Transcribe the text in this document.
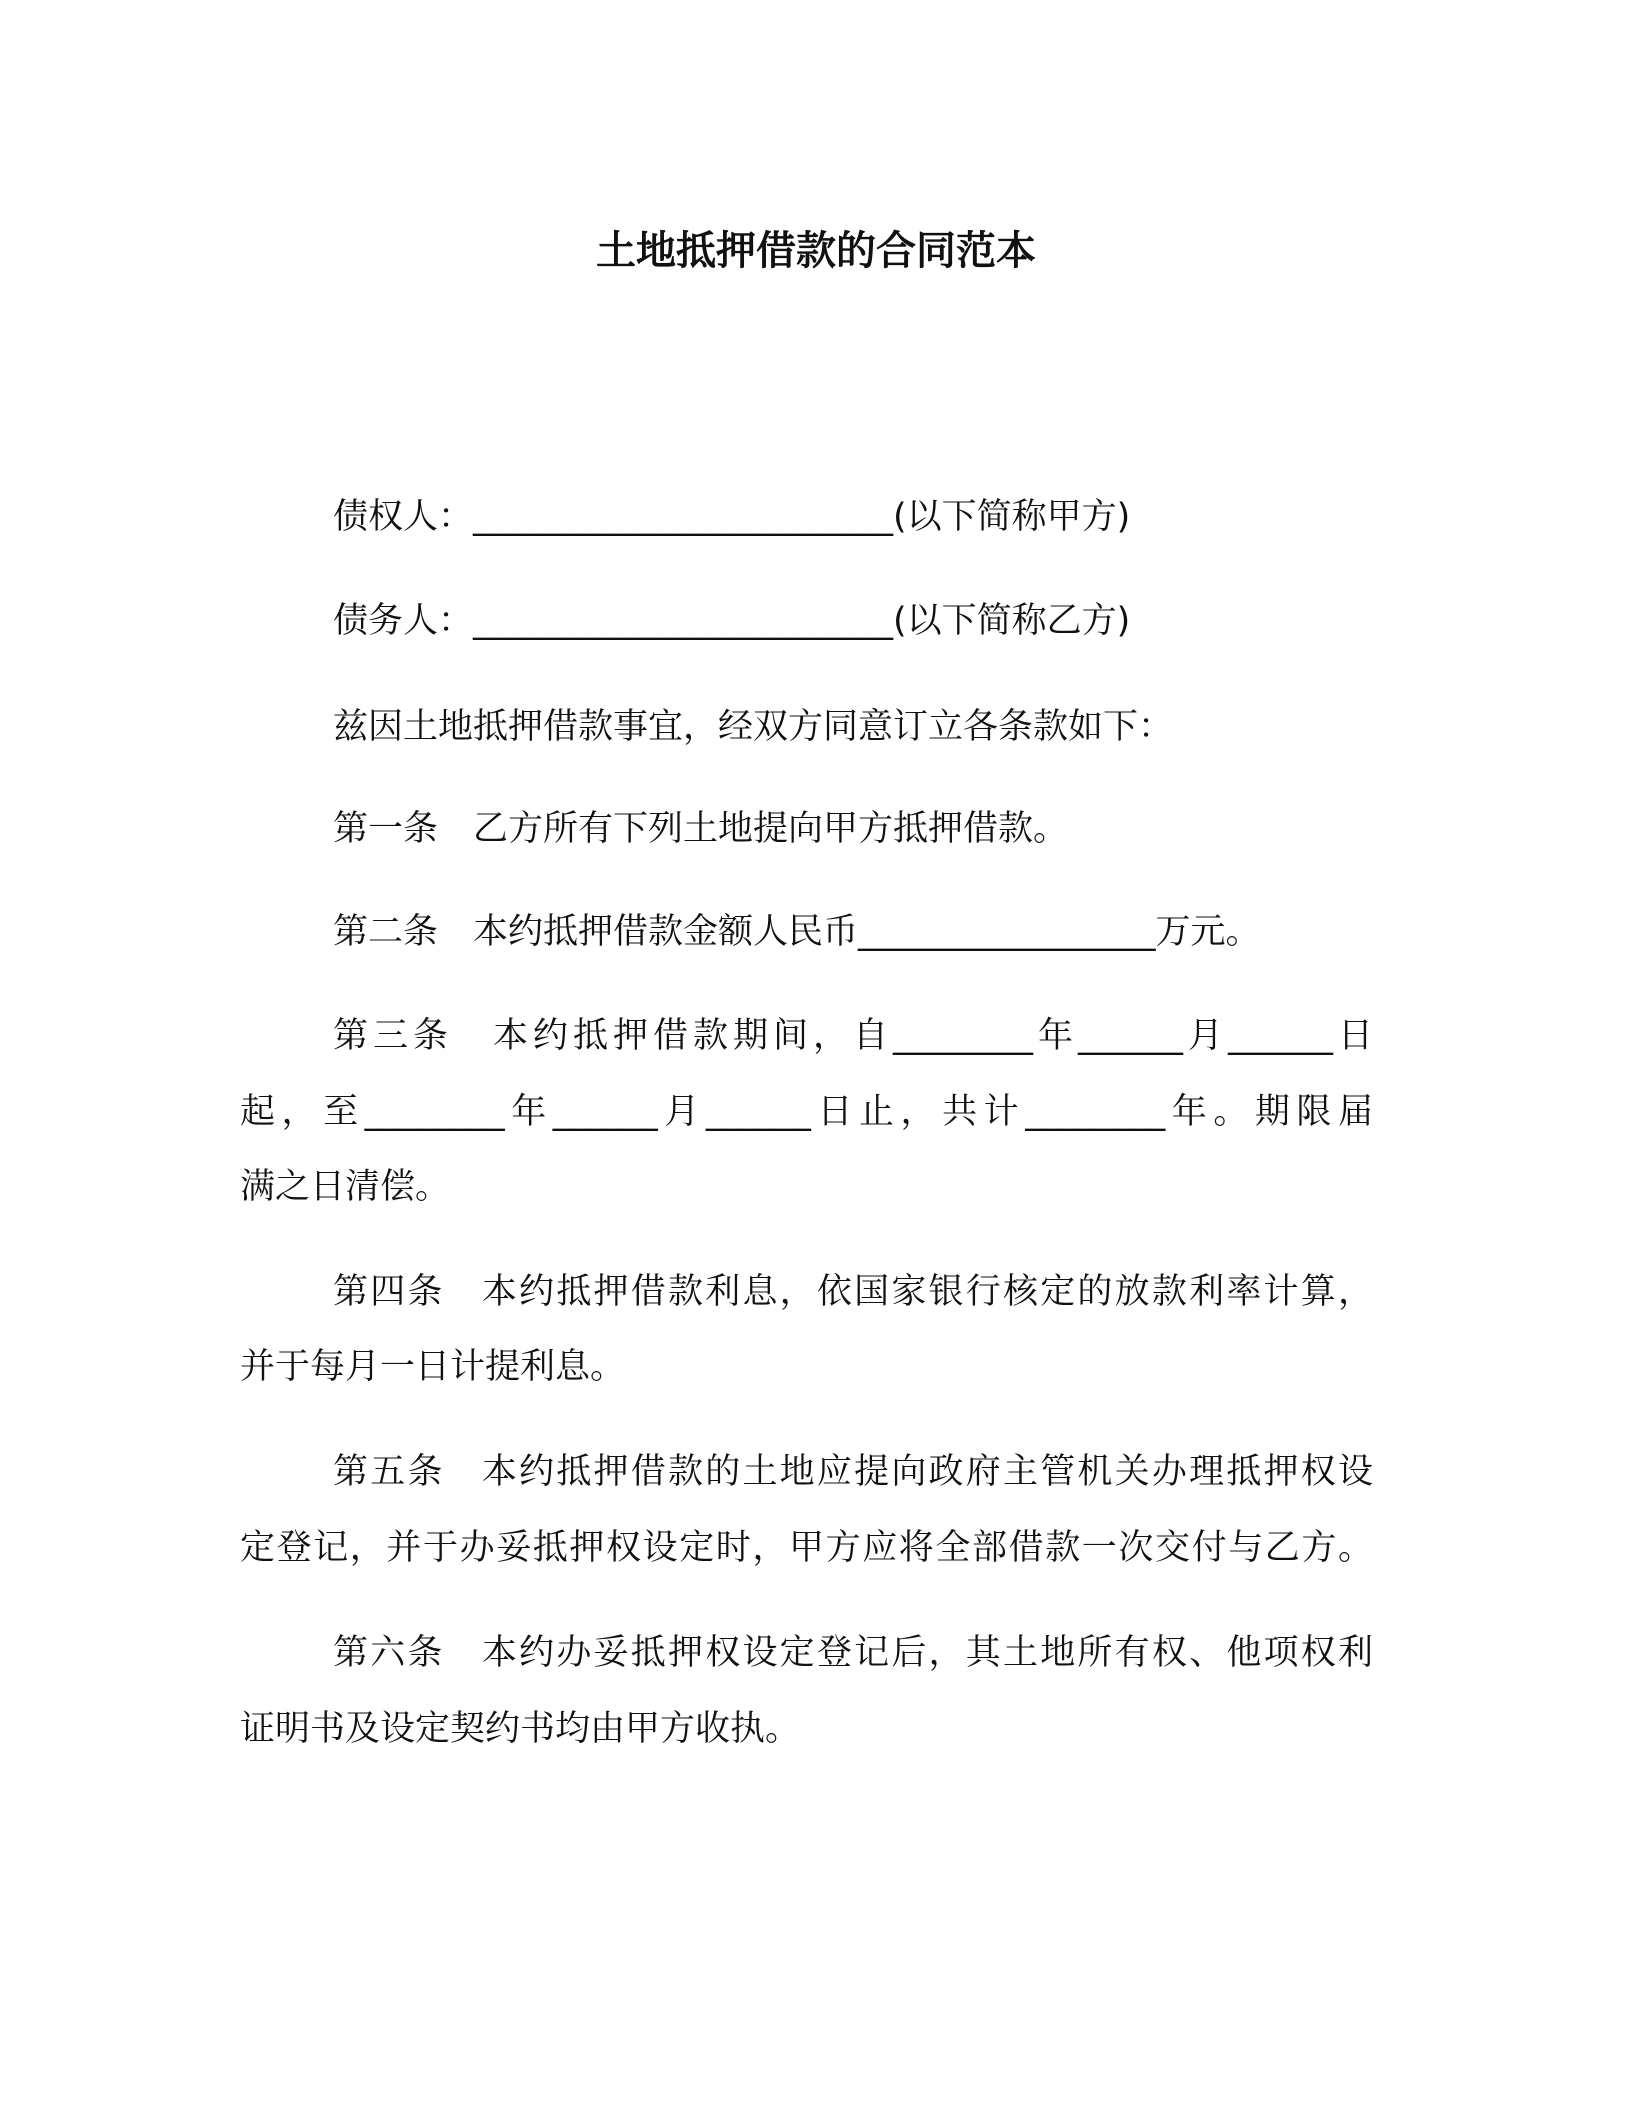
土地抵押借款的合同范本
债权人：________________________(以下简称甲方)
债务人：________________________(以下简称乙方)
兹因土地抵押借款事宜，经双方同意订立各条款如下：
第一条　乙方所有下列土地提向甲方抵押借款。
第二条　本约抵押借款金额人民币_________________万元。
第三条　本约抵押借款期间，自________年______月______日
起，至________年______月______日止，共计________年。期限届
满之日清偿。
第四条　本约抵押借款利息，依国家银行核定的放款利率计算，
并于每月一日计提利息。
第五条　本约抵押借款的土地应提向政府主管机关办理抵押权设
定登记，并于办妥抵押权设定时，甲方应将全部借款一次交付与乙方。
第六条　本约办妥抵押权设定登记后，其土地所有权、他项权利
证明书及设定契约书均由甲方收执。
